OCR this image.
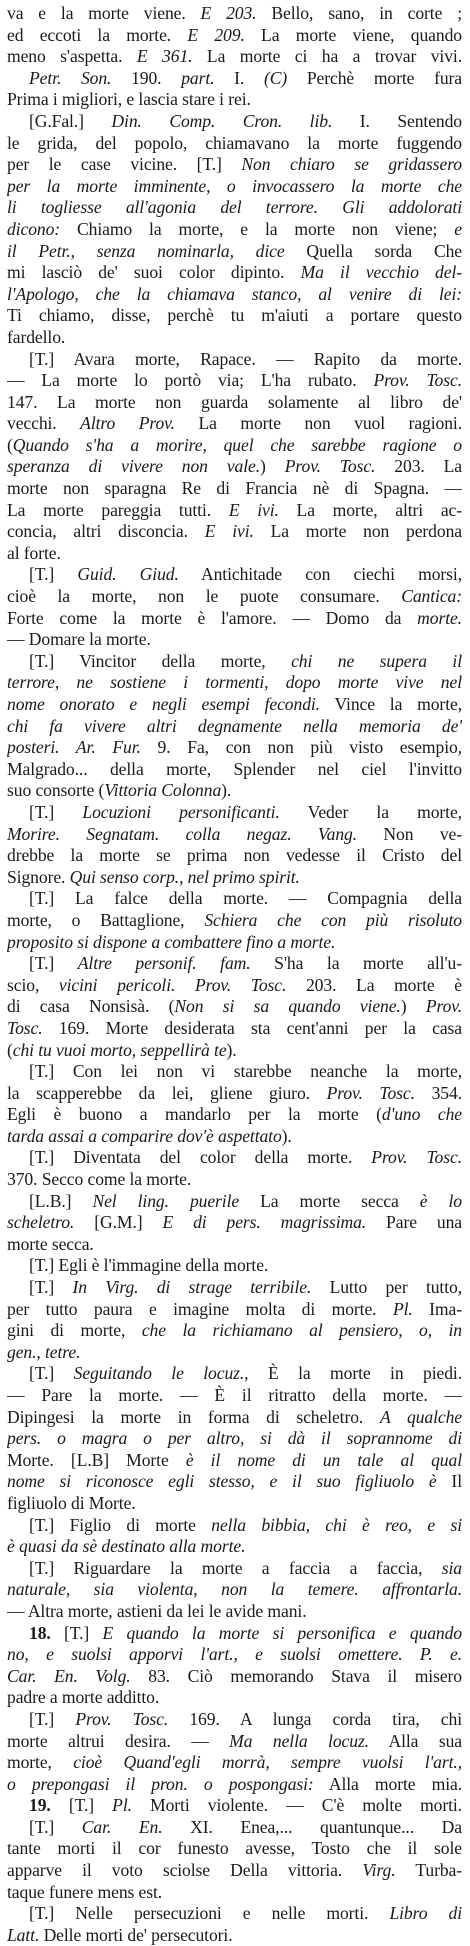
va e la morte viene. E 203. Bello, sano, in corte ;
ed eccoti la morte. E 209. La morte viene, quando
meno s'aspetta. E 361. La morte ci ha a trovar vivi.
Petr. Son. 190. part. I. (C) Perchè morte fura
Prima i migliori, e lascia stare i rei.
[G.Fal.] Din. Comp. Cron. lib. I. Sentendo
le grida, del popolo, chiamavano la morte fuggendo
per le case vicine. [T.] Non chiaro se gridassero
per la morte imminente, o invocassero la morte che
li togliesse all'agonia del terrore. Gli addolorati
dicono: Chiamo la morte, e la morte non viene; e
il Petr., senza nominarla, dice Quella sorda Che
mi lasciò de' suoi color dipinto. Ma il vecchio del-
l'Apologo, che la chiamava stanco, al venire di lei:
Ti chiamo, disse, perchè tu m'aiuti a portare questo
fardello.
[T.] Avara morte, Rapace. — Rapito da morte.
— La morte lo portò via; L'ha rubato. Prov. Tosc.
147. La morte non guarda solamente al libro de'
vecchi. Altro Prov. La morte non vuol ragioni.
(Quando s'ha a morire, quel che sarebbe ragione o
speranza di vivere non vale.) Prov. Tosc. 203. La
morte non sparagna Re di Francia nè di Spagna. —
La morte pareggia tutti. E ivi. La morte, altri ac-
concia, altri disconcia. E ivi. La morte non perdona
al forte.
[T.] Guid. Giud. Antichitade con ciechi morsi,
cioè la morte, non le puote consumare. Cantica:
Forte come la morte è l'amore. — Domo da morte.
— Domare la morte.
[T.] Vincitor della morte, chi ne supera il
terrore, ne sostiene i tormenti, dopo morte vive nel
nome onorato e negli esempi fecondi. Vince la morte,
chi fa vivere altri degnamente nella memoria de'
posteri. Ar. Fur. 9. Fa, con non più visto esempio,
Malgrado... della morte, Splender nel ciel l'invitto
suo consorte (Vittoria Colonna).
[T.] Locuzioni personificanti. Veder la morte,
Morire. Segnatam. colla negaz. Vang. Non ve-
drebbe la morte se prima non vedesse il Cristo del
Signore. Qui senso corp., nel primo spirit.
[T.] La falce della morte. — Compagnia della
morte, o Battaglione, Schiera che con più risoluto
proposito si dispone a combattere fino a morte.
[T.] Altre personif. fam. S'ha la morte all'u-
scio, vicini pericoli. Prov. Tosc. 203. La morte è
di casa Nonsisà. (Non si sa quando viene.) Prov.
Tosc. 169. Morte desiderata sta cent'anni per la casa
(chi tu vuoi morto, seppellirà te).
[T.] Con lei non vi starebbe neanche la morte,
la scapperebbe da lei, gliene giuro. Prov. Tosc. 354.
Egli è buono a mandarlo per la morte (d'uno che
tarda assai a comparire dov'è aspettato).
[T.] Diventata del color della morte. Prov. Tosc.
370. Secco come la morte.
[L.B.] Nel ling. puerile La morte secca è lo
scheletro. [G.M.] E di pers. magrissima. Pare una
morte secca.
[T.] Egli è l'immagine della morte.
[T.] In Virg. di strage terribile. Lutto per tutto,
per tutto paura e imagine molta di morte. Pl. Ima-
gini di morte, che la richiamano al pensiero, o, in
gen., tetre.
[T.] Seguitando le locuz., È la morte in piedi.
— Pare la morte. — È il ritratto della morte. —
Dipingesi la morte in forma di scheletro. A qualche
pers. o magra o per altro, si dà il soprannome di
Morte. [L.B] Morte è il nome di un tale al qual
nome si riconosce egli stesso, e il suo figliuolo è Il
figliuolo di Morte.
[T.] Figlio di morte nella bibbia, chi è reo, e si
è quasi da sè destinato alla morte.
[T.] Riguardare la morte a faccia a faccia, sia
naturale, sia violenta, non la temere. affrontarla.
— Altra morte, astieni da lei le avide mani.
18. [T.] E quando la morte si personifica e quando
no, e suolsi apporvi l'art., e suolsi omettere. P. e.
Car. En. Volg. 83. Ciò memorando Stava il misero
padre a morte additto.
[T.] Prov. Tosc. 169. A lunga corda tira, chi
morte altrui desira. — Ma nella locuz. Alla sua
morte, cioè Quand'egli morrà, sempre vuolsi l'art.,
o prepongasi il pron. o pospongasi: Alla morte mia.
19. [T.] Pl. Morti violente. — C'è molte morti.
[T.] Car. En. XI. Enea,... quantunque... Da
tante morti il cor funesto avesse, Tosto che il sole
apparve il voto sciolse Della vittoria. Virg. Turba-
taque funere mens est.
[T.] Nelle persecuzioni e nelle morti. Libro di
Latt. Delle morti de' persecutori.
